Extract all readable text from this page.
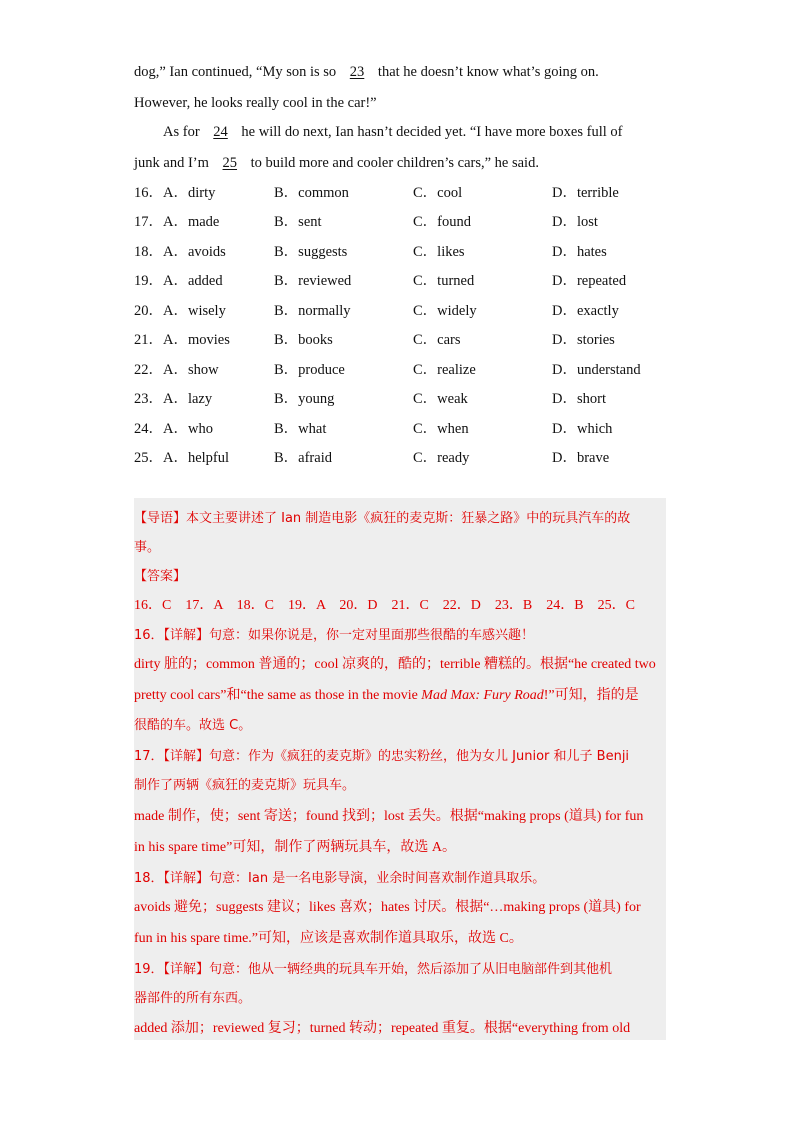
dog,” Ian continued, “My son is so 23 that he doesn’t know what’s going on.
However, he looks really cool in the car!”
As for 24 he will do next, Ian hasn’t decided yet. “I have more boxes full of
junk and I’m 25 to build more and cooler children’s cars,” he said.
16．A．dirty	B．common	C．cool	D．terrible
17．A．made	B．sent	C．found	D．lost
18．A．avoids	B．suggests	C．likes	D．hates
19．A．added	B．reviewed	C．turned	D．repeated
20．A．wisely	B．normally	C．widely	D．exactly
21．A．movies	B．books	C．cars	D．stories
22．A．show	B．produce	C．realize	D．understand
23．A．lazy	B．young	C．weak	D．short
24．A．who	B．what	C．when	D．which
25．A．helpful	B．afraid	C．ready	D．brave
【导语】本文主要讲述了 Ian 制造电影《疯狂的麦克斯：狂暴之路》中的玩具汽车的故
事。
【答案】
16．C　17．A　18．C　19．A　20．D　21．C　22．D　23．B　24．B　25．C
16．【详解】句意：如果你说是，你一定对里面那些很酷的车感兴趣！
dirty 脏的；common 普通的；cool 凉爽的，酷的；terrible 糟糕的。根据“he created two
pretty cool cars”和“the same as those in the movie Mad Max: Fury Road!”可知，指的是
很酷的车。故选 C。
17．【详解】句意：作为《疯狂的麦克斯》的忠实粉丝，他为女儿 Junior 和儿子 Benji
制作了两辆《疯狂的麦克斯》玩具车。
made 制作，使；sent 寄送；found 找到；lost 丢失。根据“making props (道具) for fun
in his spare time”可知，制作了两辆玩具车，故选 A。
18．【详解】句意：Ian 是一名电影导演，业余时间喜欢制作道具取乐。
avoids 避免；suggests 建议；likes 喜欢；hates 讨厌。根据“…making props (道具) for
fun in his spare time.”可知，应该是喜欢制作道具取乐，故选 C。
19．【详解】句意：他从一辆经典的玩具车开始，然后添加了从旧电脑部件到其他机
器部件的所有东西。
added 添加；reviewed 复习；turned 转动；repeated 重复。根据“everything from old
